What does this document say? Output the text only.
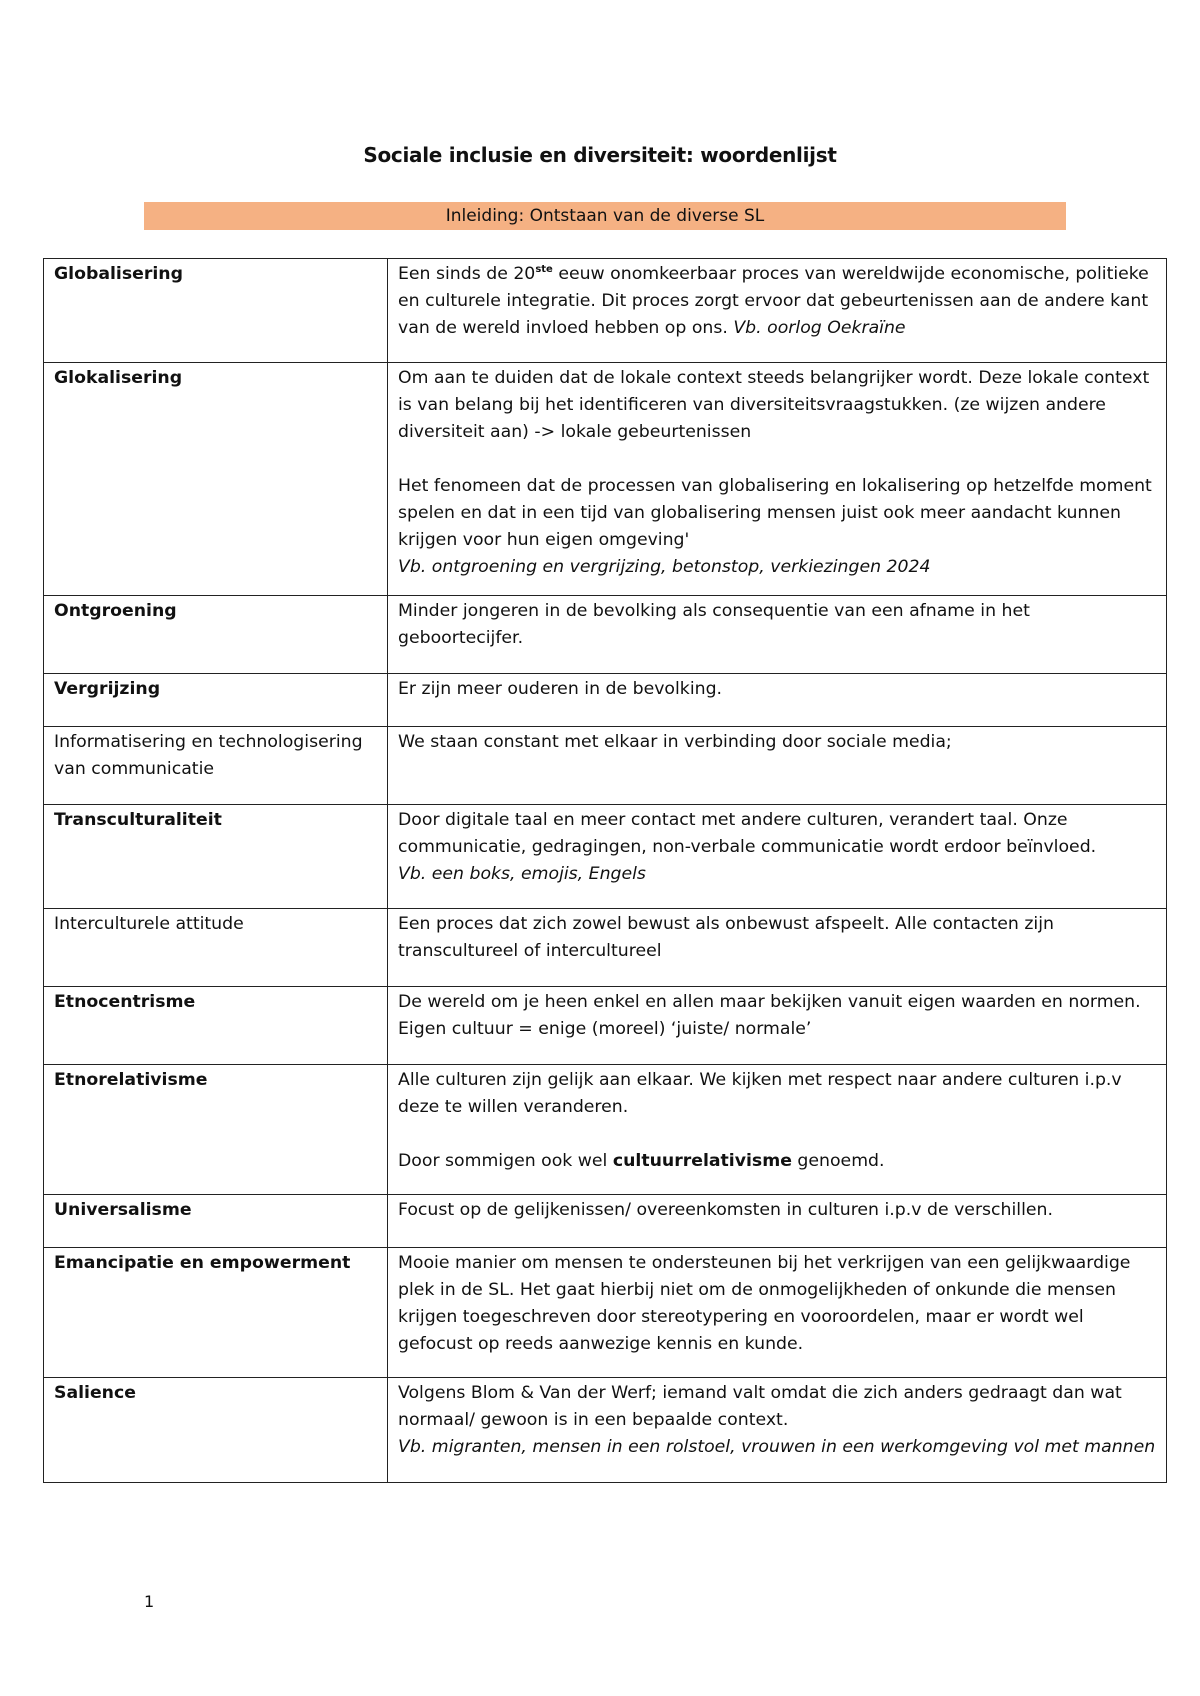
Sociale inclusie en diversiteit: woordenlijst
Inleiding: Ontstaan van de diverse SL
Globalisering	Een sinds de 20ste eeuw onomkeerbaar proces van wereldwijde economische, politieke en culturele integratie. Dit proces zorgt ervoor dat gebeurtenissen aan de andere kant van de wereld invloed hebben op ons. Vb. oorlog Oekraïne

Glokalisering	Om aan te duiden dat de lokale context steeds belangrijker wordt. Deze lokale context is van belang bij het identificeren van diversiteitsvraagstukken. (ze wijzen andere diversiteit aan) -> lokale gebeurtenissen

Het fenomeen dat de processen van globalisering en lokalisering op hetzelfde moment spelen en dat in een tijd van globalisering mensen juist ook meer aandacht kunnen krijgen voor hun eigen omgeving'
Vb. ontgroening en vergrijzing, betonstop, verkiezingen 2024

Ontgroening	Minder jongeren in de bevolking als consequentie van een afname in het geboortecijfer.

Vergrijzing	Er zijn meer ouderen in de bevolking.

Informatisering en technologisering van communicatie	We staan constant met elkaar in verbinding door sociale media;

Transculturaliteit	Door digitale taal en meer contact met andere culturen, verandert taal. Onze communicatie, gedragingen, non-verbale communicatie wordt erdoor beïnvloed.
Vb. een boks, emojis, Engels

Interculturele attitude	Een proces dat zich zowel bewust als onbewust afspeelt. Alle contacten zijn transcultureel of intercultureel

Etnocentrisme	De wereld om je heen enkel en allen maar bekijken vanuit eigen waarden en normen. Eigen cultuur = enige (moreel) ‘juiste/ normale’

Etnorelativisme	Alle culturen zijn gelijk aan elkaar. We kijken met respect naar andere culturen i.p.v deze te willen veranderen.

Door sommigen ook wel cultuurrelativisme genoemd.

Universalisme	Focust op de gelijkenissen/ overeenkomsten in culturen i.p.v de verschillen.

Emancipatie en empowerment	Mooie manier om mensen te ondersteunen bij het verkrijgen van een gelijkwaardige plek in de SL. Het gaat hierbij niet om de onmogelijkheden of onkunde die mensen krijgen toegeschreven door stereotypering en vooroordelen, maar er wordt wel gefocust op reeds aanwezige kennis en kunde.

Salience	Volgens Blom & Van der Werf; iemand valt omdat die zich anders gedraagt dan wat normaal/ gewoon is in een bepaalde context.
Vb. migranten, mensen in een rolstoel, vrouwen in een werkomgeving vol met mannen

1
